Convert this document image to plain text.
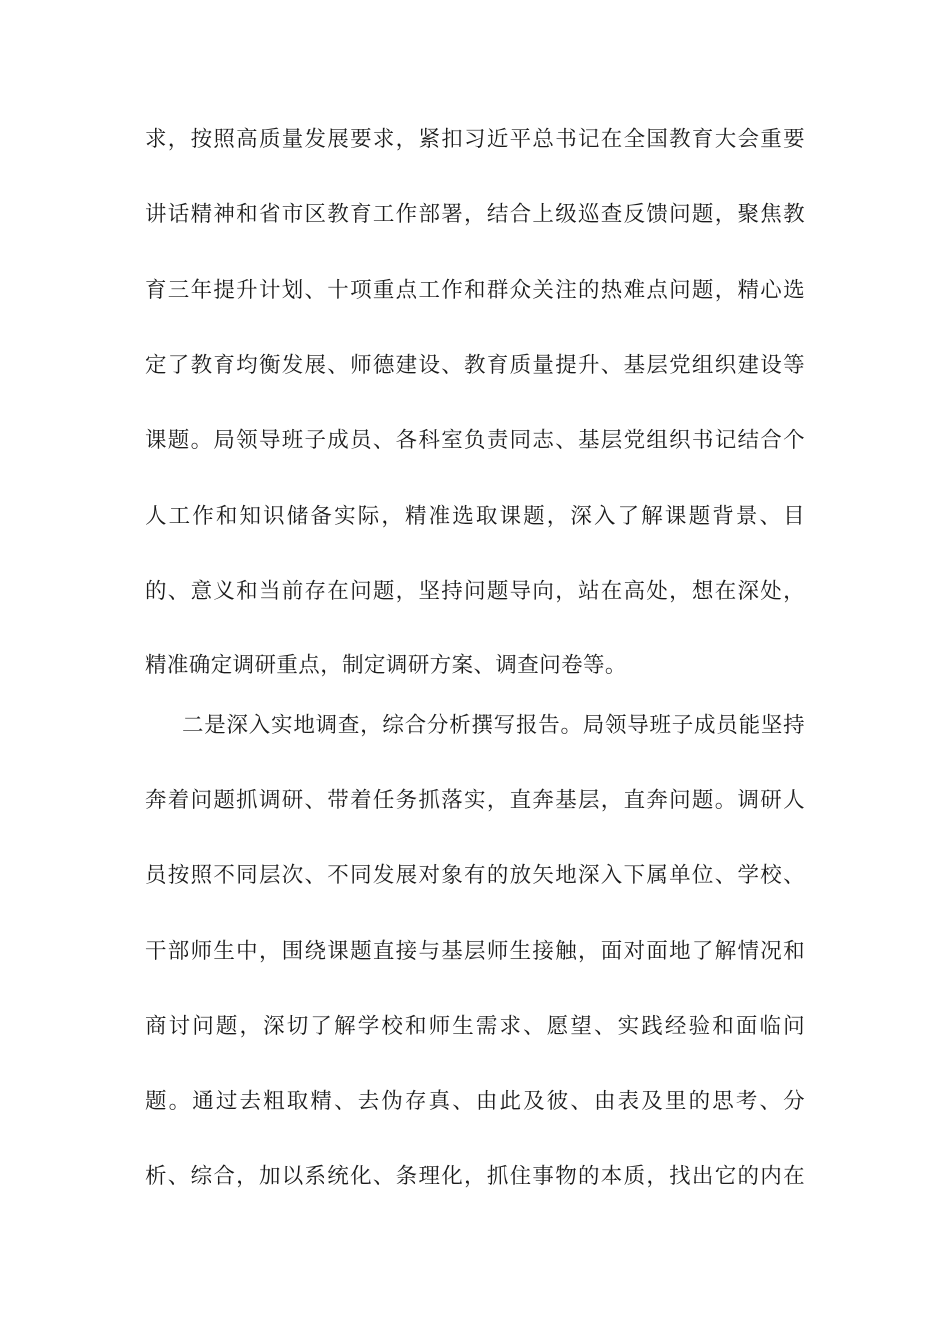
求，按照高质量发展要求，紧扣习近平总书记在全国教育大会重要
讲话精神和省市区教育工作部署，结合上级巡查反馈问题，聚焦教
育三年提升计划、十项重点工作和群众关注的热难点问题，精心选
定了教育均衡发展、师德建设、教育质量提升、基层党组织建设等
课题。局领导班子成员、各科室负责同志、基层党组织书记结合个
人工作和知识储备实际，精准选取课题，深入了解课题背景、目
的、意义和当前存在问题，坚持问题导向，站在高处，想在深处，
精准确定调研重点，制定调研方案、调查问卷等。
二是深入实地调查，综合分析撰写报告。局领导班子成员能坚持
奔着问题抓调研、带着任务抓落实，直奔基层，直奔问题。调研人
员按照不同层次、不同发展对象有的放矢地深入下属单位、学校、
干部师生中，围绕课题直接与基层师生接触，面对面地了解情况和
商讨问题，深切了解学校和师生需求、愿望、实践经验和面临问
题。通过去粗取精、去伪存真、由此及彼、由表及里的思考、分
析、综合，加以系统化、条理化，抓住事物的本质，找出它的内在
